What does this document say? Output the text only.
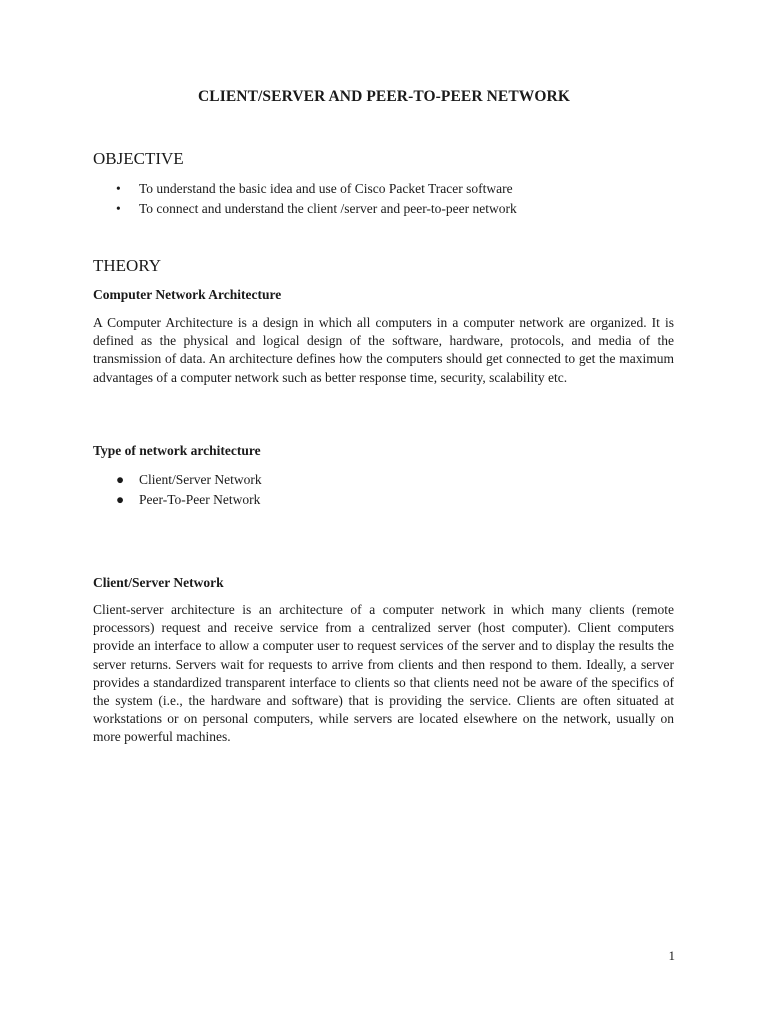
CLIENT/SERVER AND PEER-TO-PEER NETWORK
OBJECTIVE
• To understand the basic idea and use of Cisco Packet Tracer software
• To connect and understand the client /server and peer-to-peer network
THEORY
Computer Network Architecture

A Computer Architecture is a design in which all computers in a computer network are organized. It is defined as the physical and logical design of the software, hardware, protocols, and media of the transmission of data. An architecture defines how the computers should get connected to get the maximum advantages of a computer network such as better response time, security, scalability etc.

Type of network architecture
● Client/Server Network
● Peer-To-Peer Network
Client/Server Network

Client-server architecture is an architecture of a computer network in which many clients (remote processors) request and receive service from a centralized server (host computer). Client computers provide an interface to allow a computer user to request services of the server and to display the results the server returns. Servers wait for requests to arrive from clients and then respond to them. Ideally, a server provides a standardized transparent interface to clients so that clients need not be aware of the specifics of the system (i.e., the hardware and software) that is providing the service. Clients are often situated at workstations or on personal computers, while servers are located elsewhere on the network, usually on more powerful machines.

1
